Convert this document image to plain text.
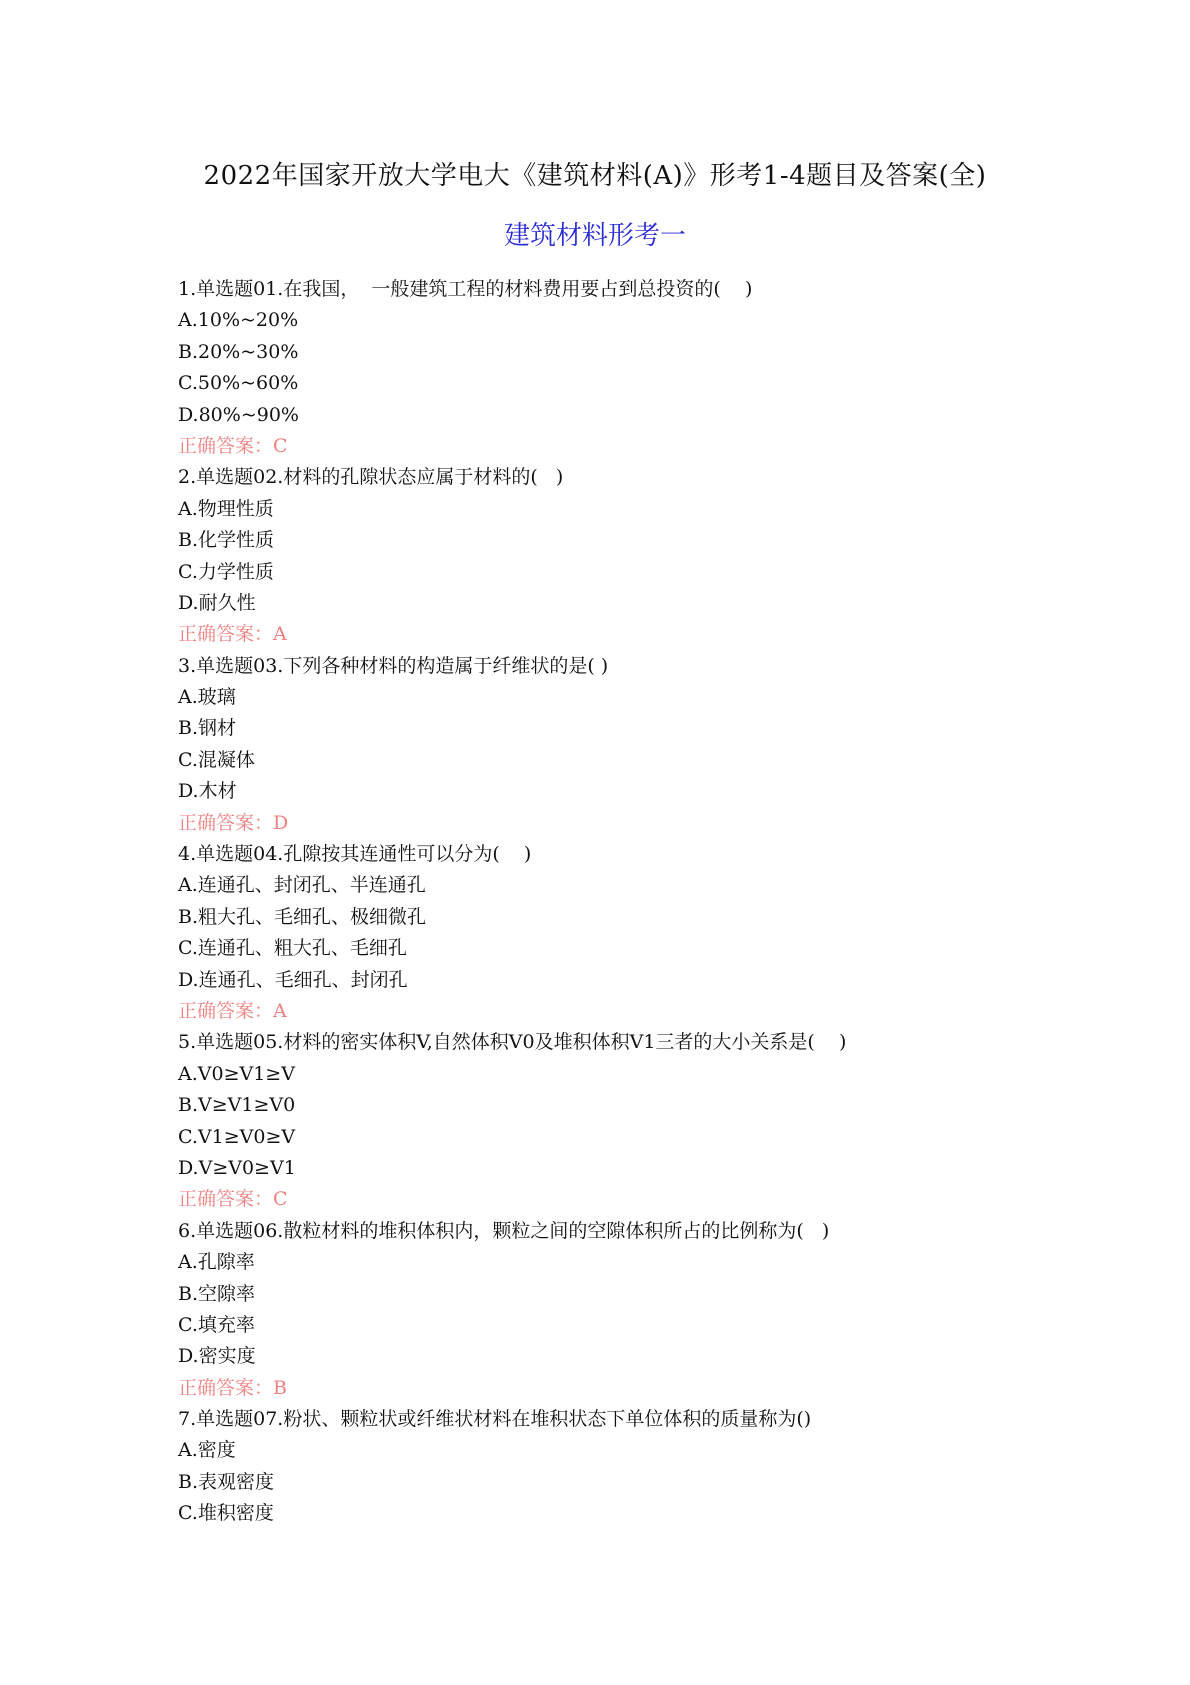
2022年国家开放大学电大《建筑材料(A)》形考1-4题目及答案(全)
建筑材料形考一
1.单选题01.在我国，  一般建筑工程的材料费用要占到总投资的(    )
A.10%~20%
B.20%~30%
C.50%~60%
D.80%~90%
正确答案：C
2.单选题02.材料的孔隙状态应属于材料的(   )
A.物理性质
B.化学性质
C.力学性质
D.耐久性
正确答案：A
3.单选题03.下列各种材料的构造属于纤维状的是( )
A.玻璃
B.钢材
C.混凝体
D.木材
正确答案：D
4.单选题04.孔隙按其连通性可以分为(    )
A.连通孔、封闭孔、半连通孔
B.粗大孔、毛细孔、极细微孔
C.连通孔、粗大孔、毛细孔
D.连通孔、毛细孔、封闭孔
正确答案：A
5.单选题05.材料的密实体积V,自然体积V0及堆积体积V1三者的大小关系是(    )
A.V0≥V1≥V
B.V≥V1≥V0
C.V1≥V0≥V
D.V≥V0≥V1
正确答案：C
6.单选题06.散粒材料的堆积体积内，颗粒之间的空隙体积所占的比例称为(   )
A.孔隙率
B.空隙率
C.填充率
D.密实度
正确答案：B
7.单选题07.粉状、颗粒状或纤维状材料在堆积状态下单位体积的质量称为()
A.密度
B.表观密度
C.堆积密度
